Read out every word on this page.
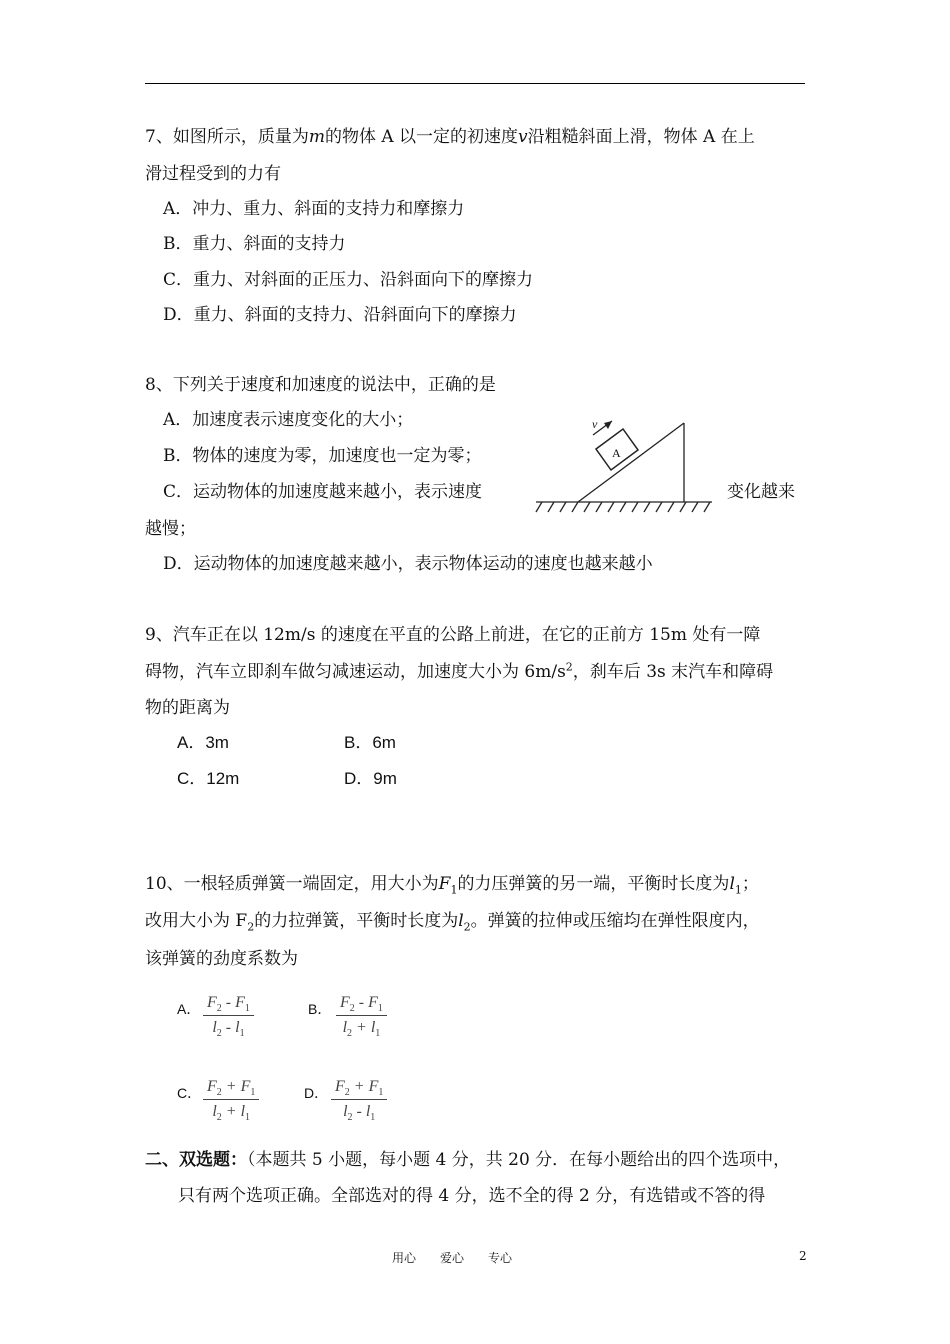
7、如图所示，质量为m的物体 A 以一定的初速度v沿粗糙斜面上滑，物体 A 在上
滑过程受到的力有
A．冲力、重力、斜面的支持力和摩擦力
B．重力、斜面的支持力
C．重力、对斜面的正压力、沿斜面向下的摩擦力
D．重力、斜面的支持力、沿斜面向下的摩擦力
8、下列关于速度和加速度的说法中，正确的是
A．加速度表示速度变化的大小；
B．物体的速度为零，加速度也一定为零；
C．运动物体的加速度越来越小，表示速度	变化越来
越慢；
D．运动物体的加速度越来越小，表示物体运动的速度也越来越小
A
v
9、汽车正在以 12m/s 的速度在平直的公路上前进，在它的正前方 15m 处有一障
碍物，汽车立即刹车做匀减速运动，加速度大小为 $6m/s^2$，刹车后 3s 末汽车和障碍
物的距离为
A．3m	B．6m
C．12m	D．9m
10、一根轻质弹簧一端固定，用大小为$F_1$的力压弹簧的另一端，平衡时长度为$l_1$；
改用大小为 $F_2$的力拉弹簧，平衡时长度为$l_2$。弹簧的拉伸或压缩均在弹性限度内，
该弹簧的劲度系数为
A． $\frac{F_2 - F_1}{l_2 - l_1}$	B． $\frac{F_2 - F_1}{l_2 + l_1}$
C． $\frac{F_2 + F_1}{l_2 + l_1}$	D． $\frac{F_2 + F_1}{l_2 - l_1}$
二、双选题：（本题共 5 小题，每小题 4 分，共 20 分．在每小题给出的四个选项中，
只有两个选项正确。全部选对的得 4 分，选不全的得 2 分，有选错或不答的得
用心　　爱心　　专心	2
